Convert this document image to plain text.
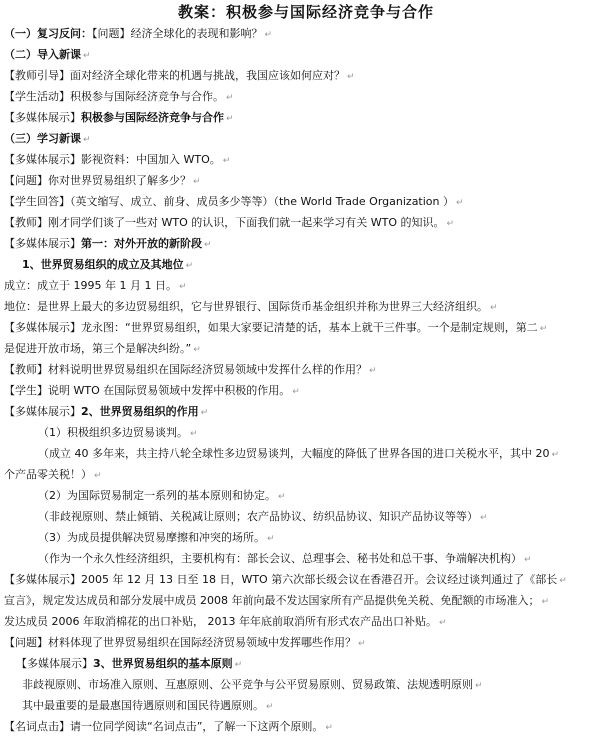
教案：积极参与国际经济竞争与合作
（一）复习反问：【问题】经济全球化的表现和影响？ ↵
（二）导入新课 ↵
【教师引导】面对经济全球化带来的机遇与挑战，我国应该如何应对？ ↵
【学生活动】积极参与国际经济竞争与合作。 ↵
【多媒体展示】积极参与国际经济竞争与合作 ↵
（三）学习新课 ↵
【多媒体展示】影视资料：中国加入 WTO。 ↵
【问题】你对世界贸易组织了解多少？ ↵
【学生回答】（英文缩写、成立、前身、成员多少等等）（the World Trade Organization ） ↵
【教师】刚才同学们谈了一些对 WTO 的认识，下面我们就一起来学习有关 WTO 的知识。 ↵
【多媒体展示】第一：对外开放的新阶段 ↵
1、世界贸易组织的成立及其地位 ↵
成立：成立于 1995 年 1 月 1 日。 ↵
地位：是世界上最大的多边贸易组织，它与世界银行、国际货币基金组织并称为世界三大经济组织。 ↵
【多媒体展示】龙永图：“世界贸易组织，如果大家要记清楚的话，基本上就干三件事。一个是制定规则，第二 ↵
是促进开放市场，第三个是解决纠纷。” ↵
【教师】材料说明世界贸易组织在国际经济贸易领域中发挥什么样的作用？ ↵
【学生】说明 WTO 在国际贸易领域中发挥中积极的作用。 ↵
【多媒体展示】2、世界贸易组织的作用 ↵
（1）积极组织多边贸易谈判。 ↵
（成立 40 多年来，共主持八轮全球性多边贸易谈判，大幅度的降低了世界各国的进口关税水平，其中 20 ↵
个产品零关税！） ↵
（2）为国际贸易制定一系列的基本原则和协定。 ↵
（非歧视原则、禁止倾销、关税减让原则；农产品协议、纺织品协议、知识产品协议等等） ↵
（3）为成员提供解决贸易摩擦和冲突的场所。 ↵
（作为一个永久性经济组织，主要机构有：部长会议、总理事会、秘书处和总干事、争端解决机构） ↵
【多媒体展示】2005 年 12 月 13 日至 18 日，WTO 第六次部长级会议在香港召开。会议经过谈判通过了《部长 ↵
宣言》，规定发达成员和部分发展中成员 2008 年前向最不发达国家所有产品提供免关税、免配额的市场准入； ↵
发达成员 2006 年取消棉花的出口补贴， 2013 年年底前取消所有形式农产品出口补贴。 ↵
【问题】材料体现了世界贸易组织在国际经济贸易领域中发挥哪些作用？ ↵
【多媒体展示】3、世界贸易组织的基本原则 ↵
非歧视原则、市场准入原则、互惠原则、公平竞争与公平贸易原则、贸易政策、法规透明原则 ↵
其中最重要的是最惠国待遇原则和国民待遇原则。 ↵
【名词点击】请一位同学阅读“名词点击”，了解一下这两个原则。 ↵
